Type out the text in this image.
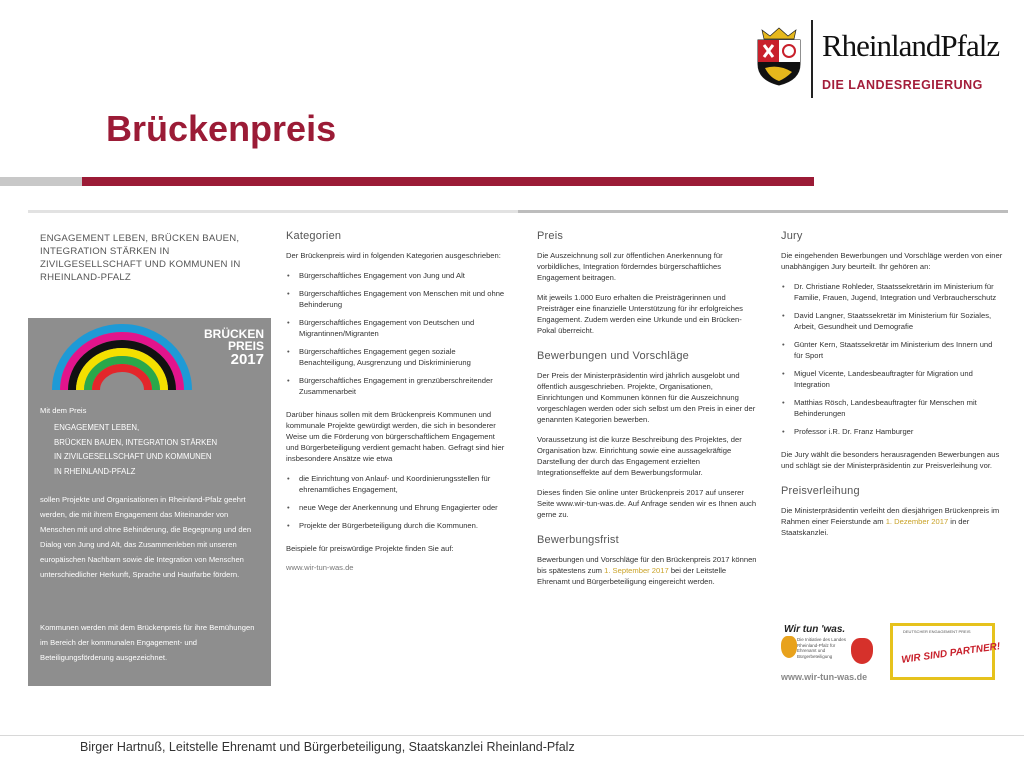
RheinlandPfalz
DIE LANDESREGIERUNG
Brückenpreis
ENGAGEMENT LEBEN, BRÜCKEN BAUEN, INTEGRATION STÄRKEN IN ZIVILGESELLSCHAFT UND KOMMUNEN IN RHEINLAND-PFALZ
BRÜCKEN
PREIS
2017
Mit dem Preis
ENGAGEMENT LEBEN,
BRÜCKEN BAUEN, INTEGRATION STÄRKEN
IN ZIVILGESELLSCHAFT UND KOMMUNEN
IN RHEINLAND-PFALZ
sollen Projekte und Organisationen in Rheinland-Pfalz geehrt werden, die mit ihrem Engagement das Miteinander von Menschen mit und ohne Behinderung, die Begegnung und den Dialog von Jung und Alt, das Zusammenleben mit unseren europäischen Nachbarn sowie die Integration von Menschen unterschiedlicher Herkunft, Sprache und Hautfarbe fördern.
Kommunen werden mit dem Brückenpreis für ihre Bemühungen im Bereich der kommunalen Engagement- und Beteiligungsförderung ausgezeichnet.
Kategorien

Der Brückenpreis wird in folgenden Kategorien ausgeschrieben:

• Bürgerschaftliches Engagement von Jung und Alt
• Bürgerschaftliches Engagement von Menschen mit und ohne Behinderung
• Bürgerschaftliches Engagement von Deutschen und Migrantinnen/Migranten
• Bürgerschaftliches Engagement gegen soziale Benachteiligung, Ausgrenzung und Diskriminierung
• Bürgerschaftliches Engagement in grenzüberschreitender Zusammenarbeit

Darüber hinaus sollen mit dem Brückenpreis Kommunen und kommunale Projekte gewürdigt werden, die sich in besonderer Weise um die Förderung von bürgerschaftlichem Engagement und Bürgerbeteiligung verdient gemacht haben. Gefragt sind hier insbesondere Ansätze wie etwa

• die Einrichtung von Anlauf- und Koordinierungsstellen für ehrenamtliches Engagement,
• neue Wege der Anerkennung und Ehrung Engagierter oder
• Projekte der Bürgerbeteiligung durch die Kommunen.

Beispiele für preiswürdige Projekte finden Sie auf:

www.wir-tun-was.de
Preis

Die Auszeichnung soll zur öffentlichen Anerkennung für vorbildliches, Integration förderndes bürgerschaftliches Engagement beitragen.

Mit jeweils 1.000 Euro erhalten die Preisträgerinnen und Preisträger eine finanzielle Unterstützung für ihr erfolgreiches Engagement. Zudem werden eine Urkunde und ein Brücken-Pokal überreicht.

Bewerbungen und Vorschläge

Der Preis der Ministerpräsidentin wird jährlich ausgelobt und öffentlich ausgeschrieben. Projekte, Organisationen, Einrichtungen und Kommunen können für die Auszeichnung vorgeschlagen werden oder sich selbst um den Preis in einer der genannten Kategorien bewerben.

Voraussetzung ist die kurze Beschreibung des Projektes, der Organisation bzw. Einrichtung sowie eine aussagekräftige Darstellung der durch das Engagement erzielten Integrationseffekte auf dem Bewerbungsformular.

Dieses finden Sie online unter Brückenpreis 2017 auf unserer Seite www.wir-tun-was.de. Auf Anfrage senden wir es Ihnen auch gerne zu.

Bewerbungsfrist

Bewerbungen und Vorschläge für den Brückenpreis 2017 können bis spätestens zum 1. September 2017 bei der Leitstelle Ehrenamt und Bürgerbeteiligung eingereicht werden.

Jury

Die eingehenden Bewerbungen und Vorschläge werden von einer unabhängigen Jury beurteilt. Ihr gehören an:

• Dr. Christiane Rohleder, Staatssekretärin im Ministerium für Familie, Frauen, Jugend, Integration und Verbraucherschutz
• David Langner, Staatssekretär im Ministerium für Soziales, Arbeit, Gesundheit und Demografie
• Günter Kern, Staatssekretär im Ministerium des Innern und für Sport
• Miguel Vicente, Landesbeauftragter für Migration und Integration
• Matthias Rösch, Landesbeauftragter für Menschen mit Behinderungen
• Professor i.R. Dr. Franz Hamburger

Die Jury wählt die besonders herausragenden Bewerbungen aus und schlägt sie der Ministerpräsidentin zur Preisverleihung vor.

Preisverleihung

Die Ministerpräsidentin verleiht den diesjährigen Brückenpreis im Rahmen einer Feierstunde am 1. Dezember 2017 in der Staatskanzlei.

Wir tun 'was.
Die Initiative des Landes Rheinland-Pfalz für Ehrenamt und Bürgerbeteiligung
www.wir-tun-was.de
DEUTSCHER ENGAGEMENT PREIS
WIR SIND PARTNER!
Birger Hartnuß, Leitstelle Ehrenamt und Bürgerbeteiligung, Staatskanzlei Rheinland-Pfalz
